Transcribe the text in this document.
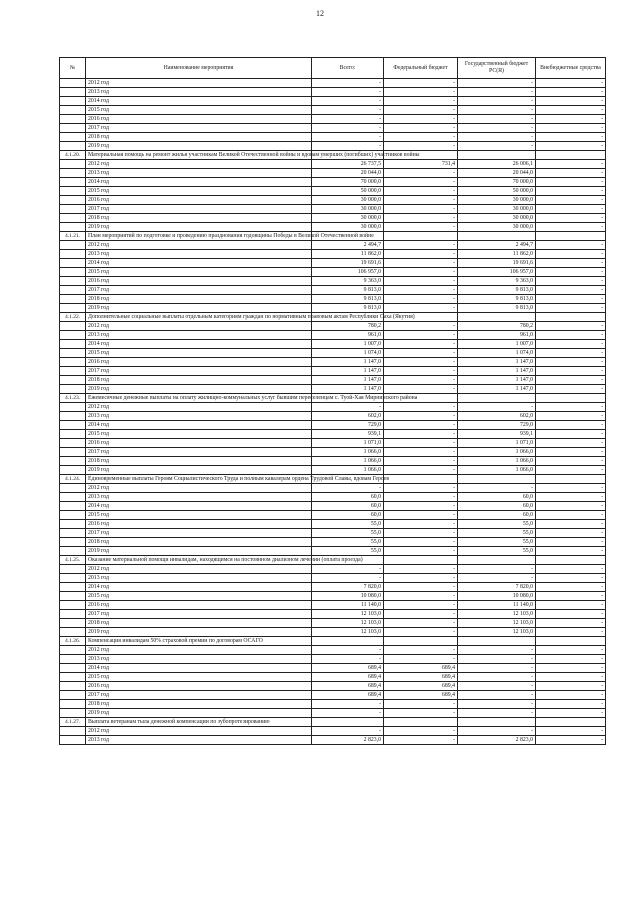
12
№	Наименование мероприятия	Всего:	Федеральный бюджет	Государственный бюджет РС(Я)	Внебюджетные средства
	2012 год	-	-	-	-
	2013 год	-	-	-	-
	2014 год	-	-	-	-
	2015 год	-	-	-	-
	2016 год	-	-	-	-
	2017 год	-	-	-	-
	2018 год	-	-	-	-
	2019 год	-	-	-	-
4.1.20.	Материальная помощь на ремонт жилья участникам Великой Отечественной войны и вдовам умерших (погибших) участников войны				
	2012 год	26 737,5	731,4	26 006,1	-
	2013 год	20 044,0	-	20 044,0	-
	2014 год	70 000,0	-	70 000,0	-
	2015 год	50 000,0	-	50 000,0	-
	2016 год	30 000,0	-	30 000,0	-
	2017 год	30 000,0	-	30 000,0	-
	2018 год	30 000,0	-	30 000,0	-
	2019 год	30 000,0	-	30 000,0	-
4.1.21.	План мероприятий по подготовке и проведению празднования годовщины Победы в Великой Отечественной войне				
	2012 год	2 494,7	-	2 494,7	-
	2013 год	11 862,0	-	11 862,0	-
	2014 год	19 691,6	-	19 691,6	-
	2015 год	106 957,0	-	106 957,0	-
	2016 год	9 363,0	-	9 363,0	-
	2017 год	9 813,0	-	9 813,0	-
	2018 год	9 813,0	-	9 813,0	-
	2019 год	9 813,0	-	9 813,0	-
4.1.22.	Дополнительные социальные выплаты отдельным категориям граждан по нормативным правовым актам Республики Саха (Якутия)				
	2012 год	780,2	-	780,2	-
	2013 год	961,0	-	961,0	-
	2014 год	1 007,0	-	1 007,0	-
	2015 год	1 074,0	-	1 074,0	-
	2016 год	1 147,0	-	1 147,0	-
	2017 год	1 147,0	-	1 147,0	-
	2018 год	1 147,0	-	1 147,0	-
	2019 год	1 147,0	-	1 147,0	-
4.1.23.	Ежемесячные денежные выплаты на оплату жилищно-коммунальных услуг бывшим переселенцам с. Туой-Хая Мирнинского района				
	2012 год	-	-	-	-
	2013 год	602,0	-	602,0	-
	2014 год	729,0	-	729,0	-
	2015 год	939,1	-	939,1	-
	2016 год	1 071,0	-	1 071,0	-
	2017 год	1 066,0	-	1 066,0	-
	2018 год	1 066,0	-	1 066,0	-
	2019 год	1 066,0	-	1 066,0	-
4.1.24.	Единовременные выплаты Героям Социалистического Труда и полным кавалерам ордена Трудовой Славы, вдовам Героев				
	2012 год	-	-	-	-
	2013 год	60,0	-	60,0	-
	2014 год	60,0	-	60,0	-
	2015 год	60,0	-	60,0	-
	2016 год	55,0	-	55,0	-
	2017 год	55,0	-	55,0	-
	2018 год	55,0	-	55,0	-
	2019 год	55,0	-	55,0	-
4.1.25.	Оказание материальной помощи инвалидам, находящимся на постоянном диализном лечении (оплата проезда)				
	2012 год	-	-	-	-
	2013 год	-	-	-	-
	2014 год	7 820,0	-	7 820,0	-
	2015 год	10 080,0	-	10 080,0	-
	2016 год	11 140,0	-	11 140,0	-
	2017 год	12 103,0	-	12 103,0	-
	2018 год	12 103,0	-	12 103,0	-
	2019 год	12 103,0	-	12 103,0	-
4.1.26.	Компенсация инвалидам 50% страховой премии по договорам ОСАГО				
	2012 год	-	-	-	-
	2013 год	-	-	-	-
	2014 год	689,4	689,4	-	-
	2015 год	689,4	689,4	-	-
	2016 год	689,4	689,4	-	-
	2017 год	689,4	689,4	-	-
	2018 год	-	-	-	-
	2019 год	-	-	-	-
4.1.27.	Выплата ветеранам тыла денежной компенсации по зубопротезированию				
	2012 год	-	-	-	-
	2013 год	2 823,0	-	2 823,0	-
